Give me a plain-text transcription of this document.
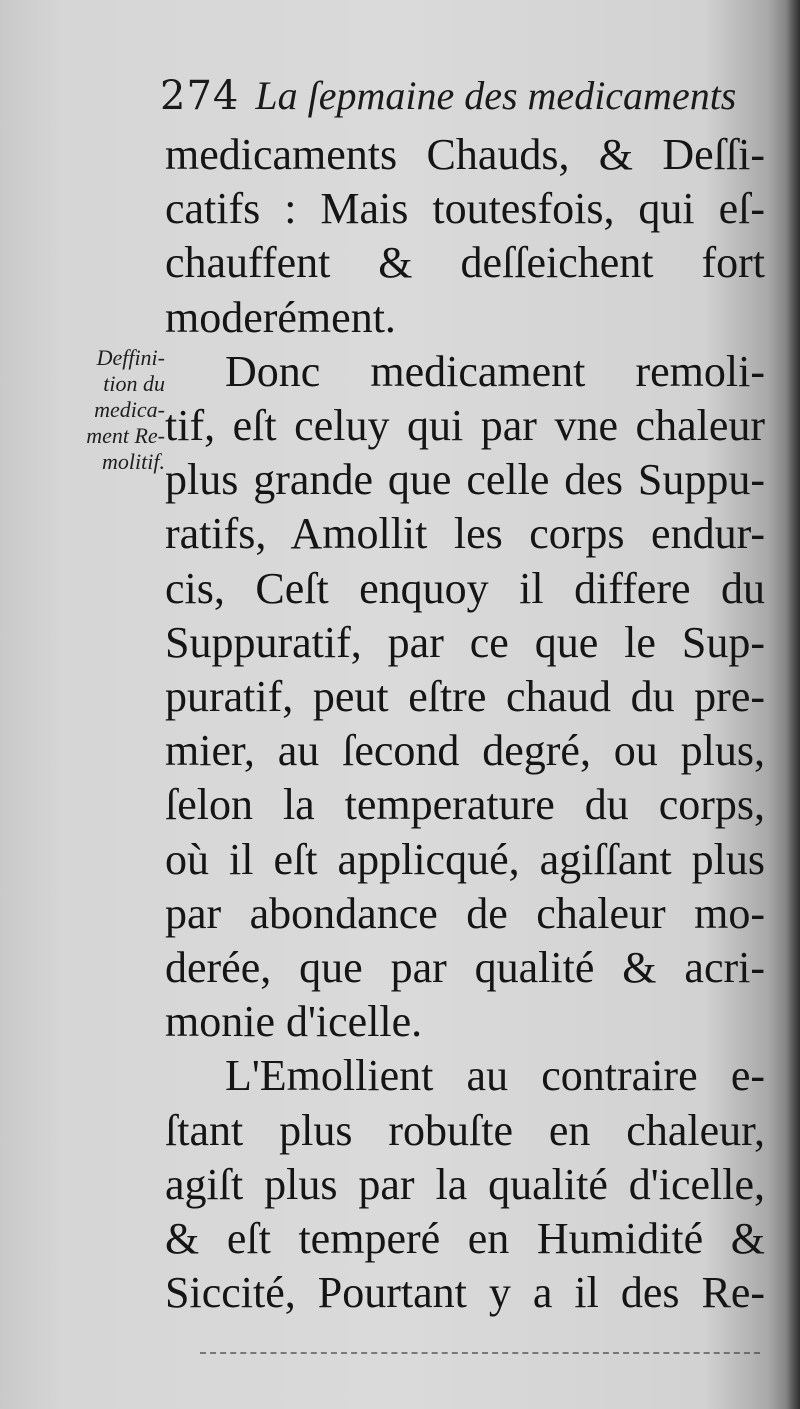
274 La ſepmaine des medicaments
Deffini-
tion du
medica-
ment Re-
molitif.
medicaments Chauds, & Deſſi-
catifs : Mais toutesfois, qui eſ-
chauffent & deſſeichent fort
moderément.
Donc medicament remoli-
tif, eſt celuy qui par vne chaleur
plus grande que celle des Suppu-
ratifs, Amollit les corps endur-
cis, Ceſt enquoy il differe du
Suppuratif, par ce que le Sup-
puratif, peut eſtre chaud du pre-
mier, au ſecond degré, ou plus,
ſelon la temperature du corps,
où il eſt applicqué, agiſſant plus
par abondance de chaleur mo-
derée, que par qualité & acri-
monie d'icelle.
L'Emollient au contraire e-
ſtant plus robuſte en chaleur,
agiſt plus par la qualité d'icelle,
& eſt temperé en Humidité &
Siccité, Pourtant y a il des Re-
